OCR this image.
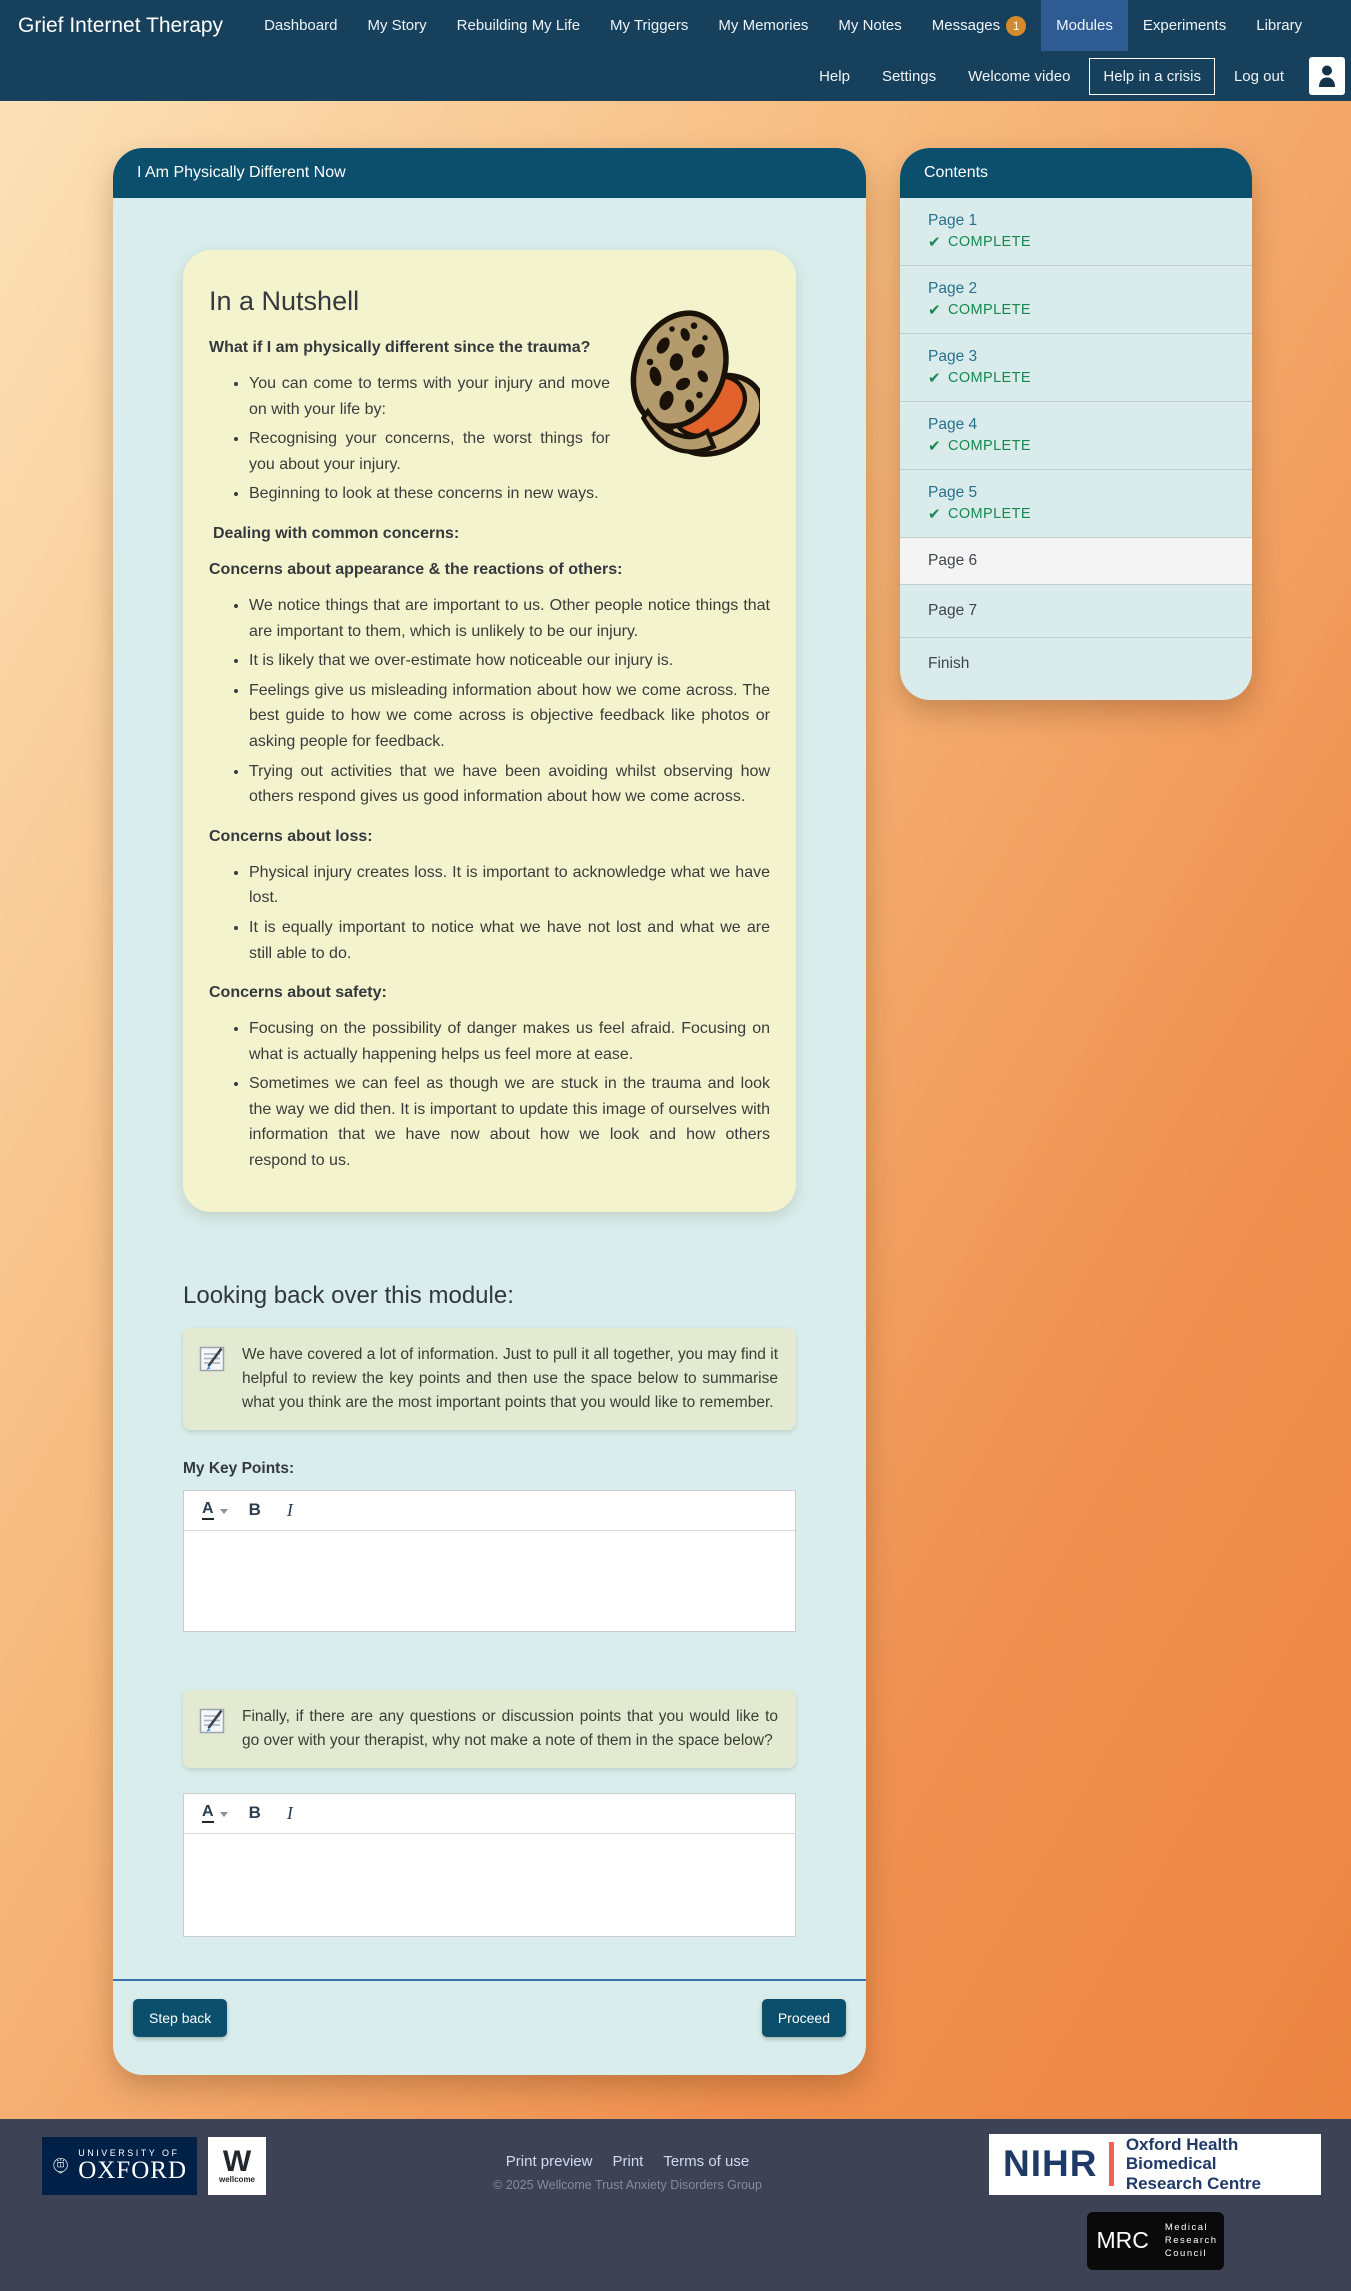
Grief Internet Therapy	Dashboard	My Story	Rebuilding My Life	My Triggers	My Memories	My Notes	Messages	1	Modules	Experiments	Library
Help	Settings	Welcome video	Help in a crisis	Log out
I Am Physically Different Now
In a Nutshell
What if I am physically different since the trauma?
• You can come to terms with your injury and move on with your life by:
• Recognising your concerns, the worst things for you about your injury.
• Beginning to look at these concerns in new ways.
Dealing with common concerns:
Concerns about appearance & the reactions of others:
• We notice things that are important to us. Other people notice things that are important to them, which is unlikely to be our injury.
• It is likely that we over-estimate how noticeable our injury is.
• Feelings give us misleading information about how we come across. The best guide to how we come across is objective feedback like photos or asking people for feedback.
• Trying out activities that we have been avoiding whilst observing how others respond gives us good information about how we come across.
Concerns about loss:
• Physical injury creates loss. It is important to acknowledge what we have lost.
• It is equally important to notice what we have not lost and what we are still able to do.
Concerns about safety:
• Focusing on the possibility of danger makes us feel afraid. Focusing on what is actually happening helps us feel more at ease.
• Sometimes we can feel as though we are stuck in the trauma and look the way we did then. It is important to update this image of ourselves with information that we have now about how we look and how others respond to us.
Looking back over this module:
We have covered a lot of information. Just to pull it all together, you may find it helpful to review the key points and then use the space below to summarise what you think are the most important points that you would like to remember.
My Key Points:
A	B	I
Finally, if there are any questions or discussion points that you would like to go over with your therapist, why not make a note of them in the space below?
A	B	I
Step back	Proceed
Contents
Page 1
✔ COMPLETE
Page 2
✔ COMPLETE
Page 3
✔ COMPLETE
Page 4
✔ COMPLETE
Page 5
✔ COMPLETE
Page 6
Page 7
Finish
UNIVERSITY OF
OXFORD W
wellcome
Print preview Print Terms of use
© 2025 Wellcome Trust Anxiety Disorders Group
NIHR Oxford Health Biomedical
Research Centre
MRC Medical
Research
Council
